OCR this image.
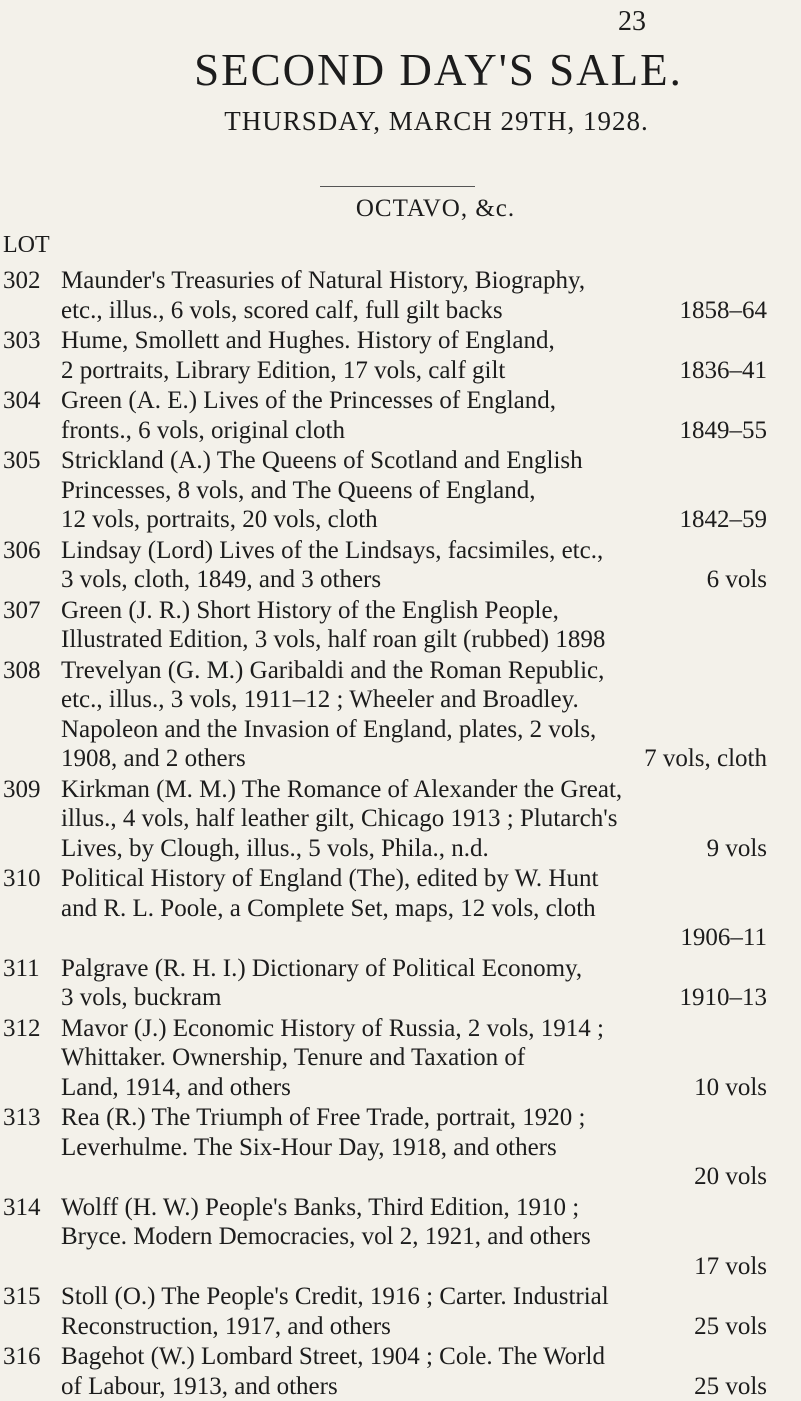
23
SECOND DAY'S SALE.
THURSDAY, MARCH 29TH, 1928.
OCTAVO, &c.
LOT
302 Maunder's Treasuries of Natural History, Biography,
etc., illus., 6 vols, scored calf, full gilt backs	1858–64
303 Hume, Smollett and Hughes. History of England,
2 portraits, Library Edition, 17 vols, calf gilt	1836–41
304 Green (A. E.) Lives of the Princesses of England,
fronts., 6 vols, original cloth	1849–55
305 Strickland (A.) The Queens of Scotland and English
Princesses, 8 vols, and The Queens of England,
12 vols, portraits, 20 vols, cloth	1842–59
306 Lindsay (Lord) Lives of the Lindsays, facsimiles, etc.,
3 vols, cloth, 1849, and 3 others	6 vols
307 Green (J. R.) Short History of the English People,
Illustrated Edition, 3 vols, half roan gilt (rubbed) 1898
308 Trevelyan (G. M.) Garibaldi and the Roman Republic,
etc., illus., 3 vols, 1911–12 ; Wheeler and Broadley.
Napoleon and the Invasion of England, plates, 2 vols,
1908, and 2 others	7 vols, cloth
309 Kirkman (M. M.) The Romance of Alexander the Great,
illus., 4 vols, half leather gilt, Chicago 1913 ; Plutarch's
Lives, by Clough, illus., 5 vols, Phila., n.d.	9 vols
310 Political History of England (The), edited by W. Hunt
and R. L. Poole, a Complete Set, maps, 12 vols, cloth
1906–11
311 Palgrave (R. H. I.) Dictionary of Political Economy,
3 vols, buckram	1910–13
312 Mavor (J.) Economic History of Russia, 2 vols, 1914 ;
Whittaker. Ownership, Tenure and Taxation of
Land, 1914, and others	10 vols
313 Rea (R.) The Triumph of Free Trade, portrait, 1920 ;
Leverhulme. The Six-Hour Day, 1918, and others
20 vols
314 Wolff (H. W.) People's Banks, Third Edition, 1910 ;
Bryce. Modern Democracies, vol 2, 1921, and others
17 vols
315 Stoll (O.) The People's Credit, 1916 ; Carter. Industrial
Reconstruction, 1917, and others	25 vols
316 Bagehot (W.) Lombard Street, 1904 ; Cole. The World
of Labour, 1913, and others	25 vols
